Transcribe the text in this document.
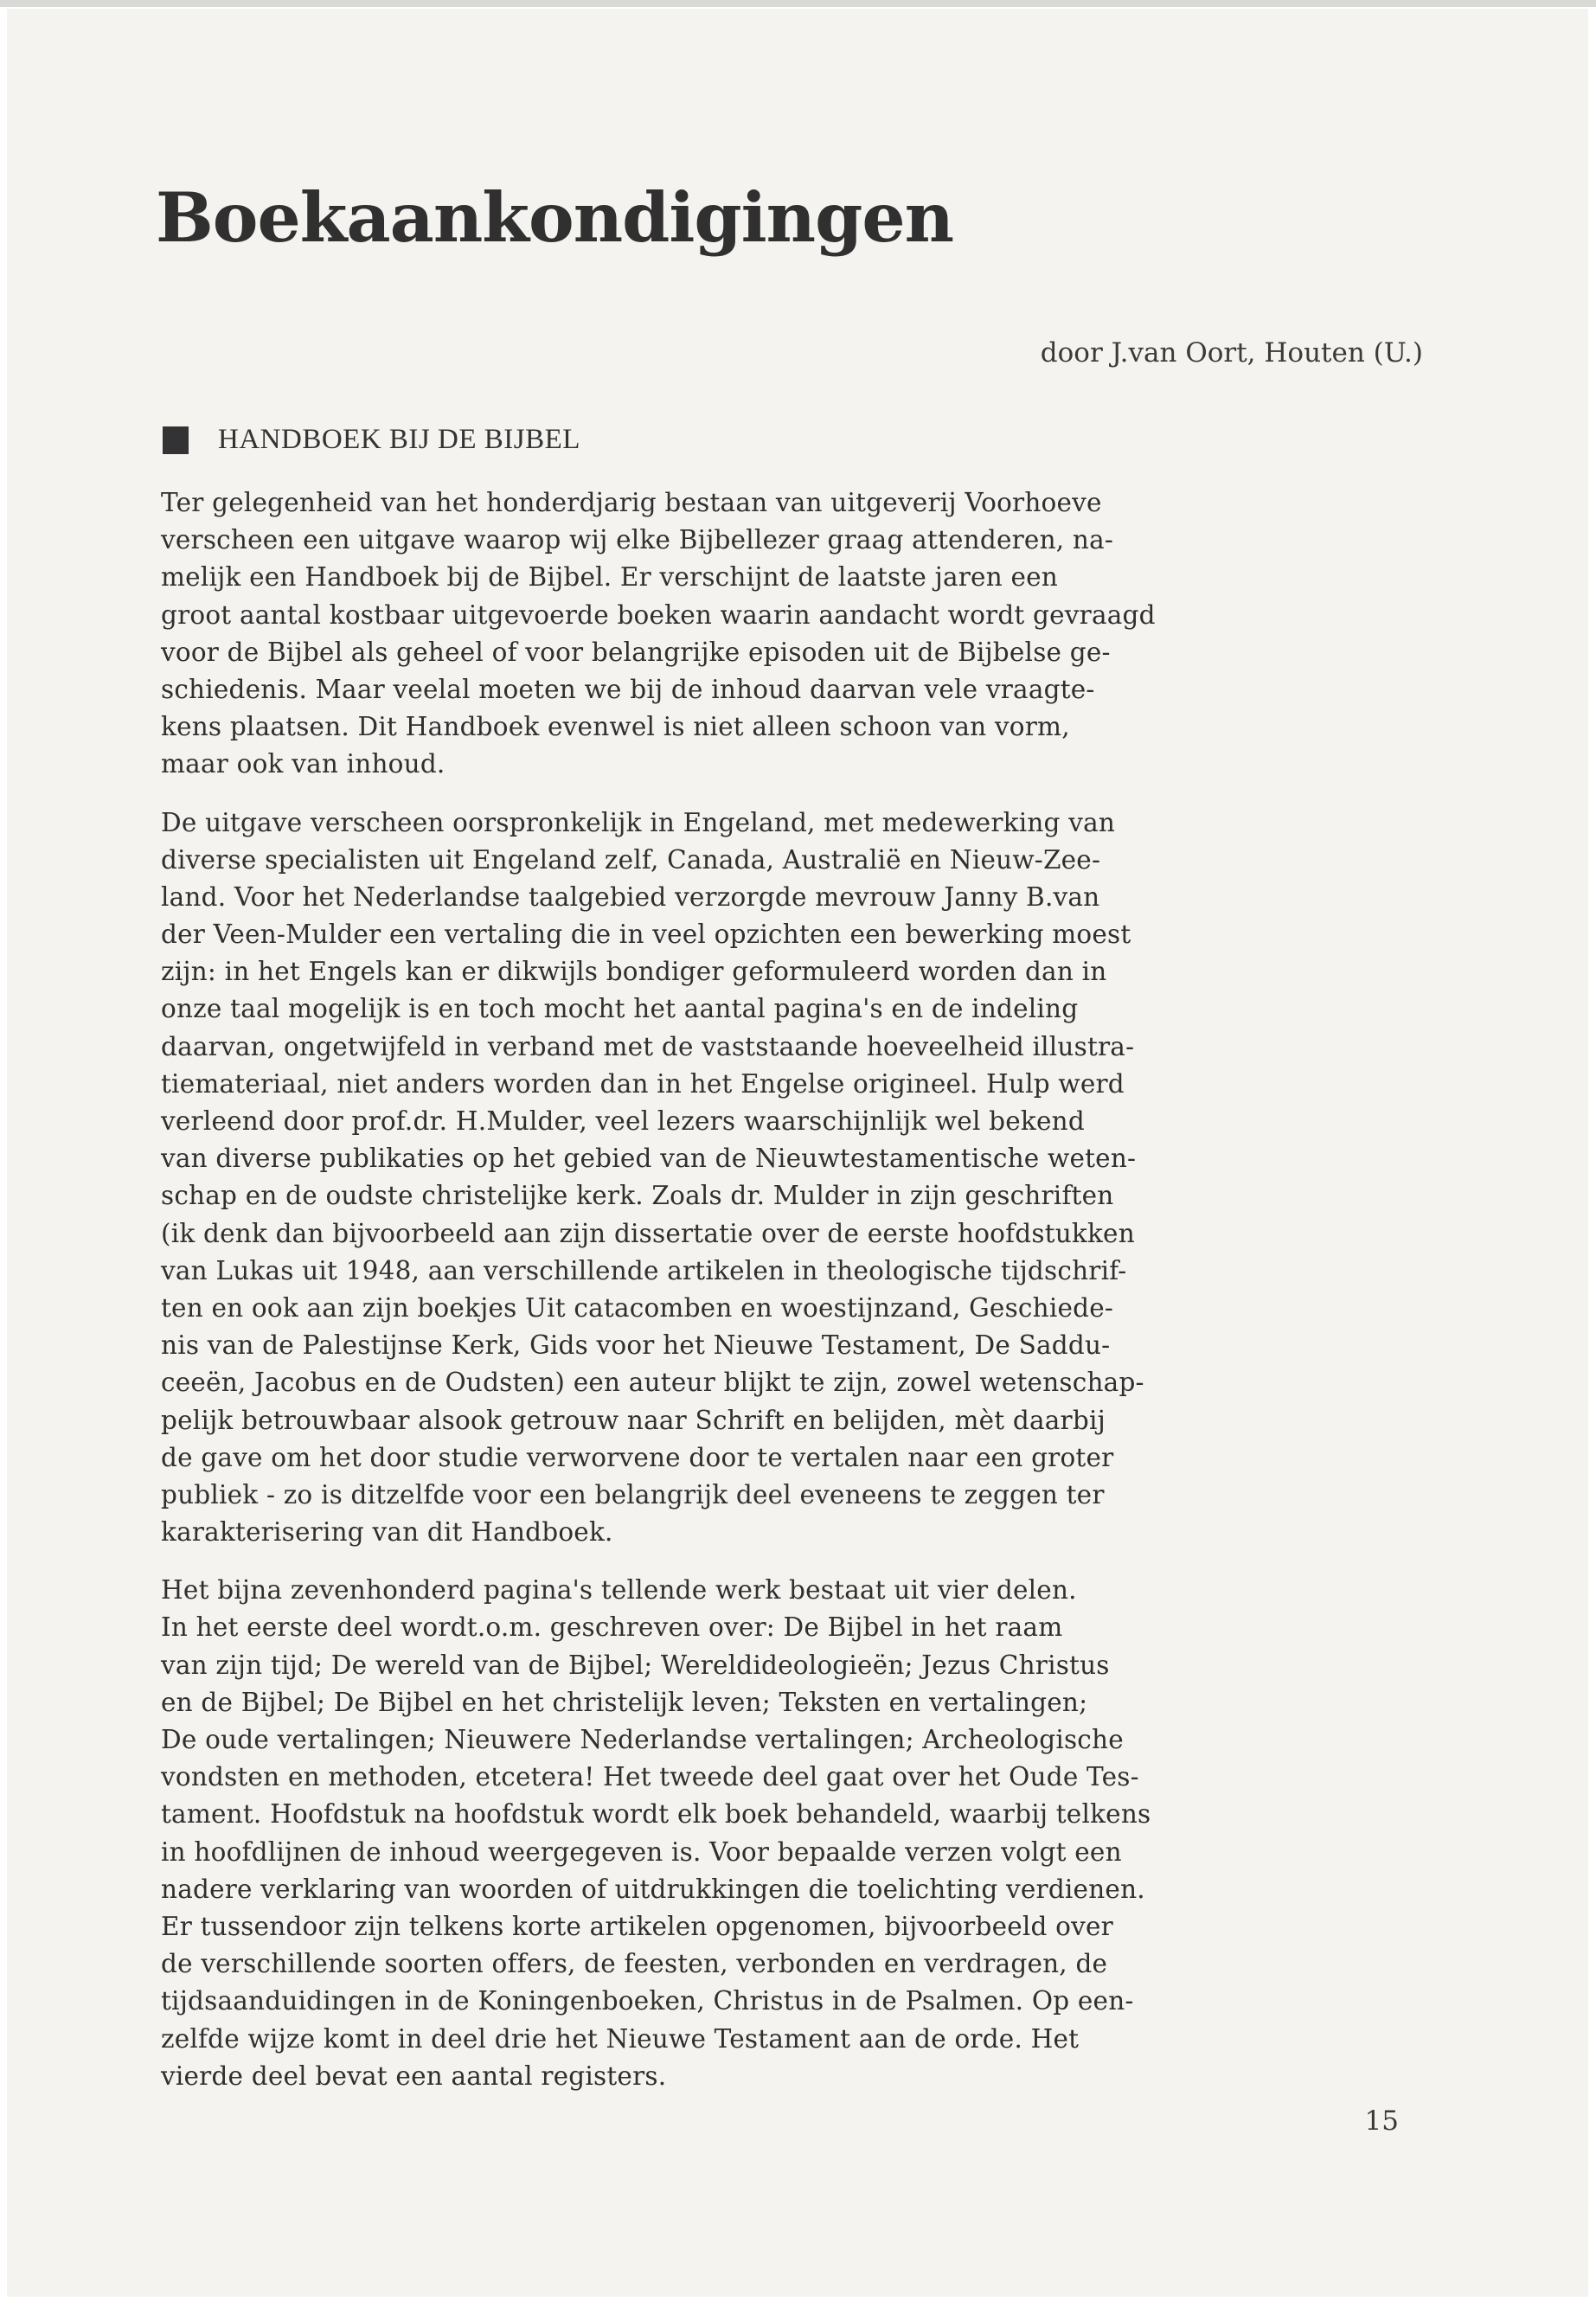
Boekaankondigingen
door J.van Oort, Houten (U.)
HANDBOEK BIJ DE BIJBEL
Ter gelegenheid van het honderdjarig bestaan van uitgeverij Voorhoeve
verscheen een uitgave waarop wij elke Bijbellezer graag attenderen, na-
melijk een Handboek bij de Bijbel. Er verschijnt de laatste jaren een
groot aantal kostbaar uitgevoerde boeken waarin aandacht wordt gevraagd
voor de Bijbel als geheel of voor belangrijke episoden uit de Bijbelse ge-
schiedenis. Maar veelal moeten we bij de inhoud daarvan vele vraagte-
kens plaatsen. Dit Handboek evenwel is niet alleen schoon van vorm,
maar ook van inhoud.
De uitgave verscheen oorspronkelijk in Engeland, met medewerking van
diverse specialisten uit Engeland zelf, Canada, Australië en Nieuw-Zee-
land. Voor het Nederlandse taalgebied verzorgde mevrouw Janny B.van
der Veen-Mulder een vertaling die in veel opzichten een bewerking moest
zijn: in het Engels kan er dikwijls bondiger geformuleerd worden dan in
onze taal mogelijk is en toch mocht het aantal pagina's en de indeling
daarvan, ongetwijfeld in verband met de vaststaande hoeveelheid illustra-
tiemateriaal, niet anders worden dan in het Engelse origineel. Hulp werd
verleend door prof.dr. H.Mulder, veel lezers waarschijnlijk wel bekend
van diverse publikaties op het gebied van de Nieuwtestamentische weten-
schap en de oudste christelijke kerk. Zoals dr. Mulder in zijn geschriften
(ik denk dan bijvoorbeeld aan zijn dissertatie over de eerste hoofdstukken
van Lukas uit 1948, aan verschillende artikelen in theologische tijdschrif-
ten en ook aan zijn boekjes Uit catacomben en woestijnzand, Geschiede-
nis van de Palestijnse Kerk, Gids voor het Nieuwe Testament, De Saddu-
ceeën, Jacobus en de Oudsten) een auteur blijkt te zijn, zowel wetenschap-
pelijk betrouwbaar alsook getrouw naar Schrift en belijden, mèt daarbij
de gave om het door studie verworvene door te vertalen naar een groter
publiek - zo is ditzelfde voor een belangrijk deel eveneens te zeggen ter
karakterisering van dit Handboek.
Het bijna zevenhonderd pagina's tellende werk bestaat uit vier delen.
In het eerste deel wordt.o.m. geschreven over: De Bijbel in het raam
van zijn tijd; De wereld van de Bijbel; Wereldideologieën; Jezus Christus
en de Bijbel; De Bijbel en het christelijk leven; Teksten en vertalingen;
De oude vertalingen; Nieuwere Nederlandse vertalingen; Archeologische
vondsten en methoden, etcetera! Het tweede deel gaat over het Oude Tes-
tament. Hoofdstuk na hoofdstuk wordt elk boek behandeld, waarbij telkens
in hoofdlijnen de inhoud weergegeven is. Voor bepaalde verzen volgt een
nadere verklaring van woorden of uitdrukkingen die toelichting verdienen.
Er tussendoor zijn telkens korte artikelen opgenomen, bijvoorbeeld over
de verschillende soorten offers, de feesten, verbonden en verdragen, de
tijdsaanduidingen in de Koningenboeken, Christus in de Psalmen. Op een-
zelfde wijze komt in deel drie het Nieuwe Testament aan de orde. Het
vierde deel bevat een aantal registers.
15
